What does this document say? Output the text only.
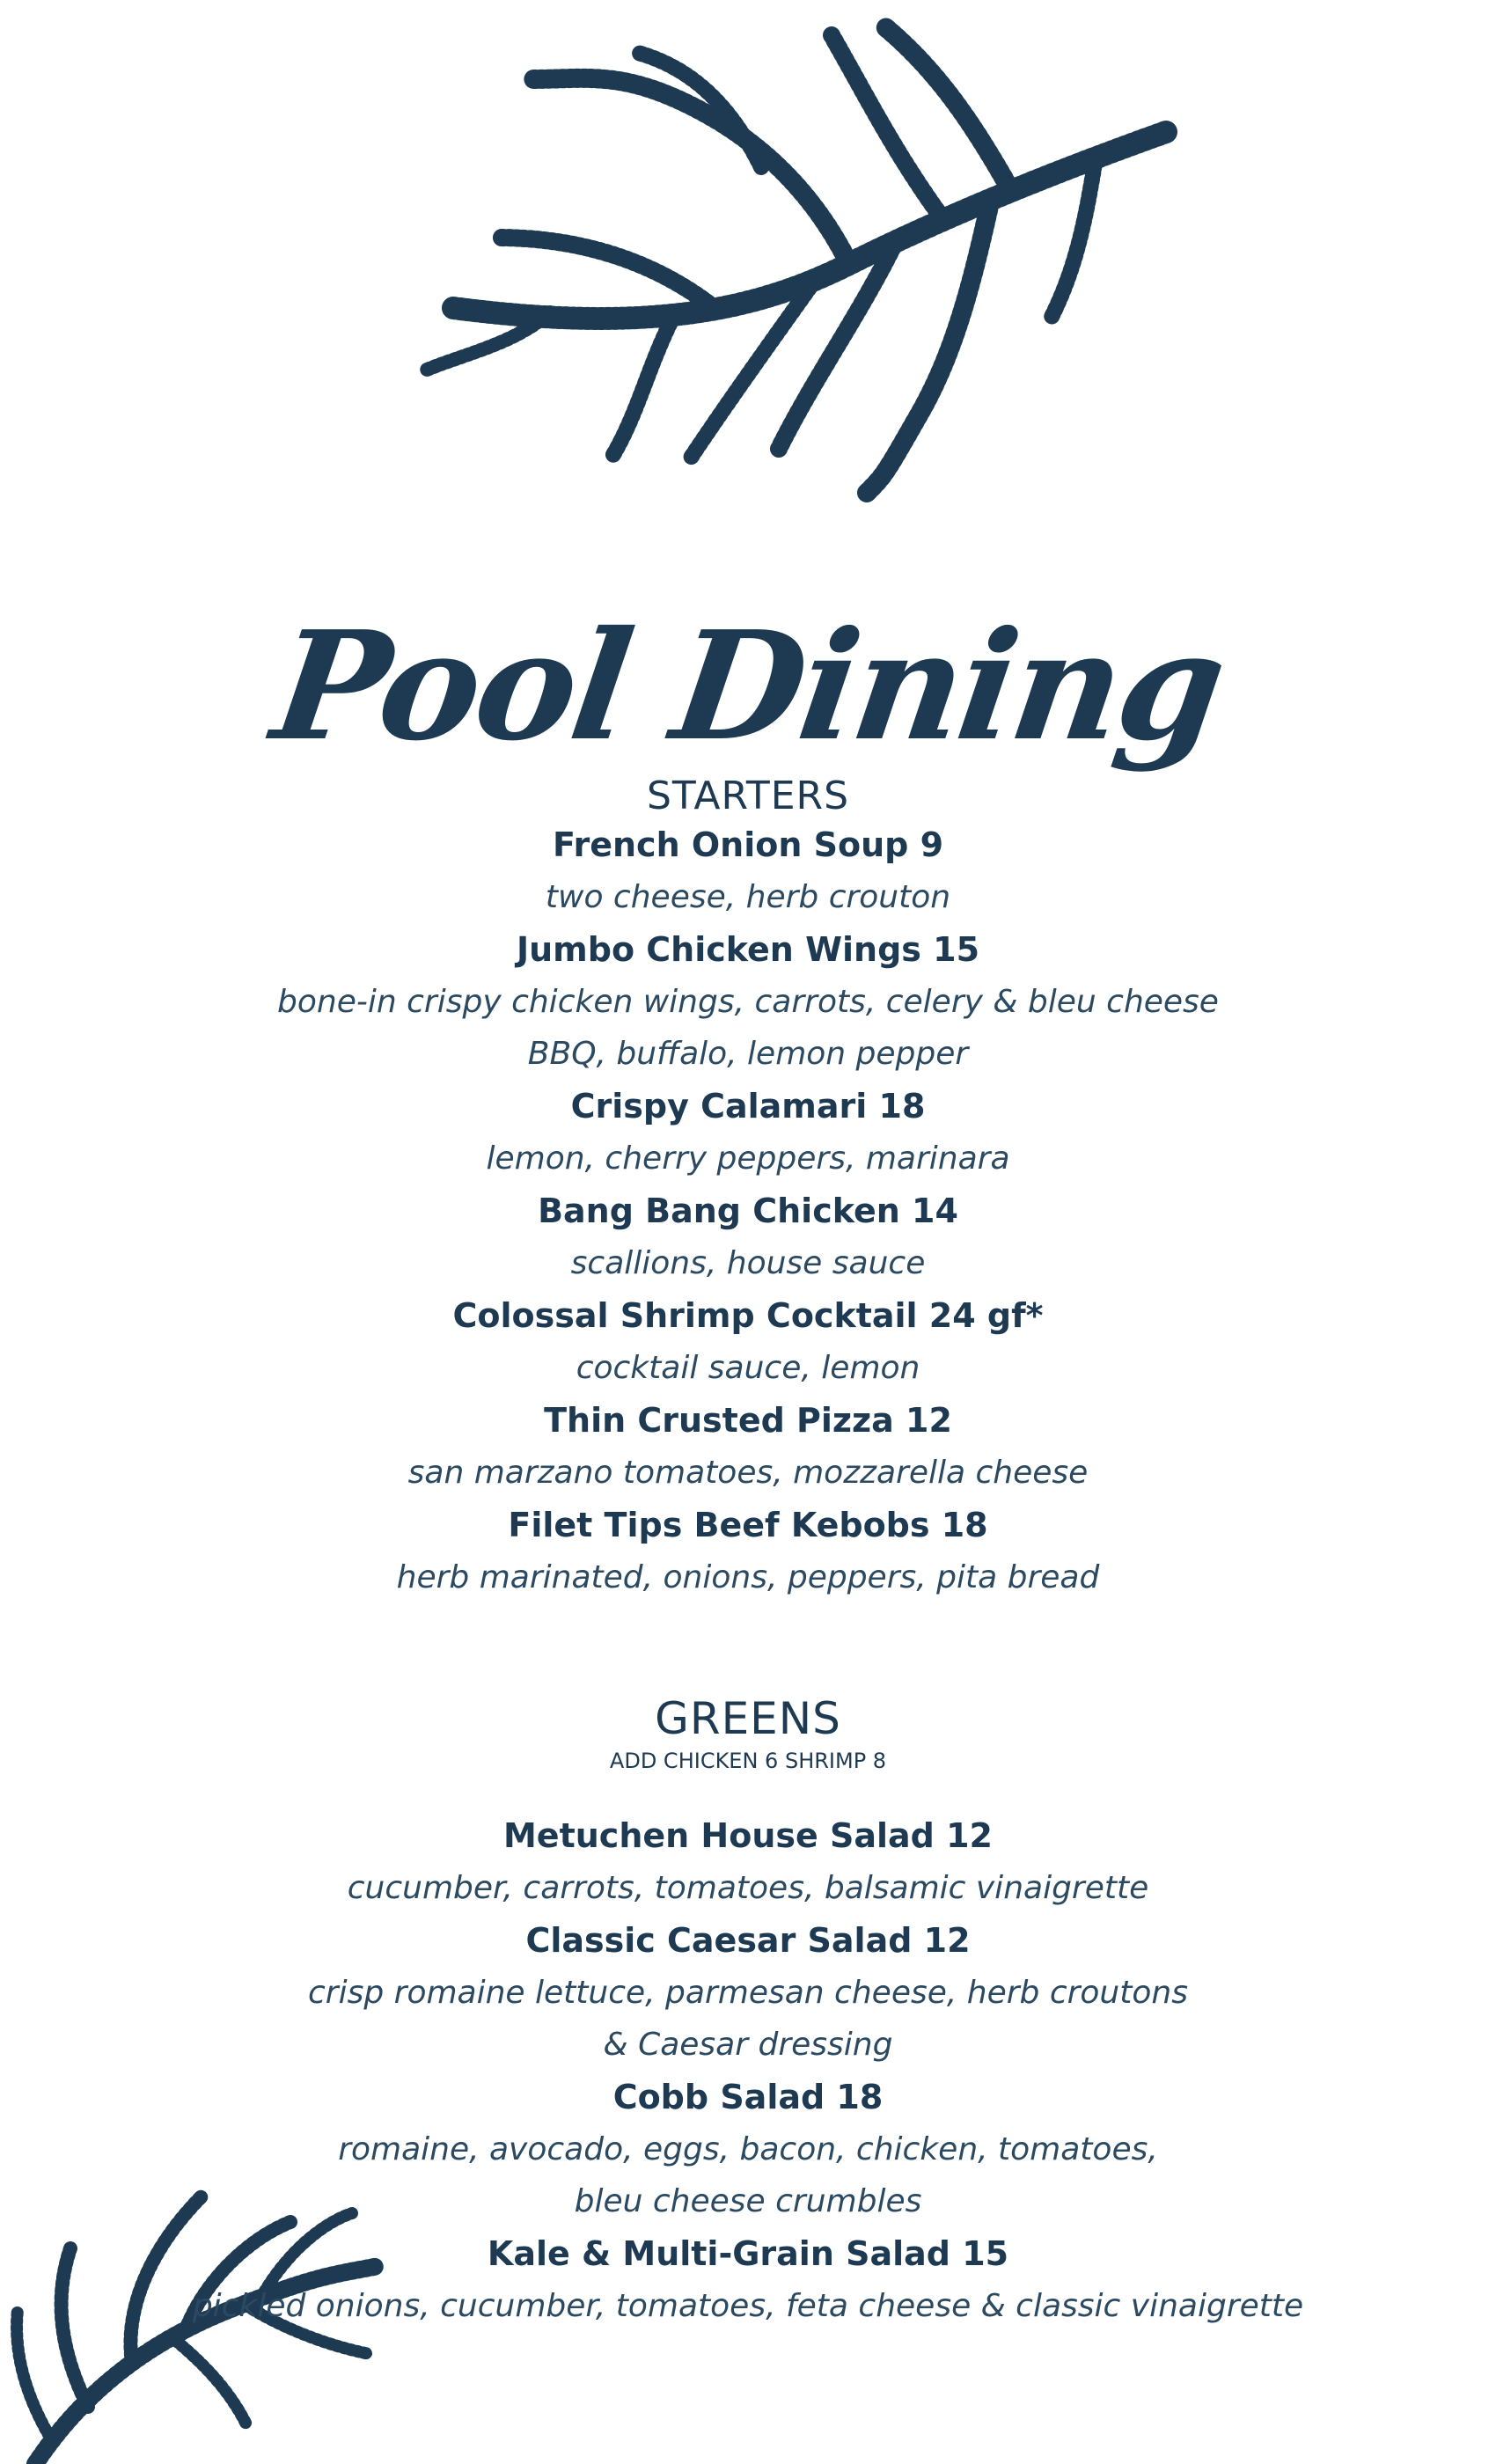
Pool Dining
STARTERS

French Onion Soup 9

two cheese, herb crouton

Jumbo Chicken Wings 15

bone-in crispy chicken wings, carrots, celery & bleu cheese

BBQ, buffalo, lemon pepper

Crispy Calamari 18

lemon, cherry peppers, marinara

Bang Bang Chicken 14

scallions, house sauce

Colossal Shrimp Cocktail 24 gf*

cocktail sauce, lemon

Thin Crusted Pizza 12

san marzano tomatoes, mozzarella cheese

Filet Tips Beef Kebobs 18

herb marinated, onions, peppers, pita bread

GREENS

ADD CHICKEN 6 SHRIMP 8

Metuchen House Salad 12

cucumber, carrots, tomatoes, balsamic vinaigrette

Classic Caesar Salad 12

crisp romaine lettuce, parmesan cheese, herb croutons

& Caesar dressing

Cobb Salad 18

romaine, avocado, eggs, bacon, chicken, tomatoes,

bleu cheese crumbles

Kale & Multi-Grain Salad 15

pickled onions, cucumber, tomatoes, feta cheese & classic vinaigrette
